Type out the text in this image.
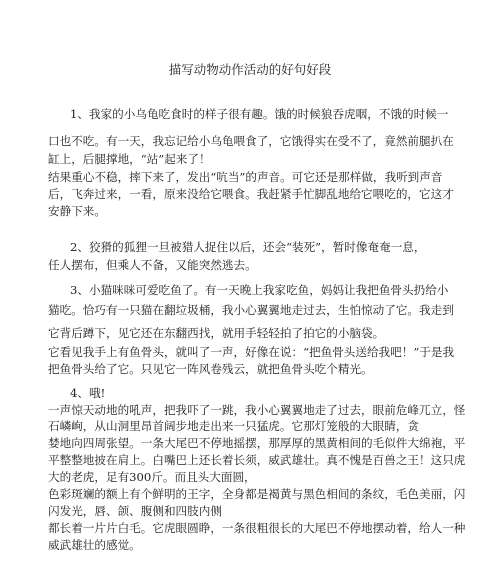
描写动物动作活动的好句好段
1、我家的小乌龟吃食时的样子很有趣。饿的时候狼吞虎咽，不饿的时候一
口也不吃。有一天，我忘记给小乌龟喂食了，它饿得实在受不了，竟然前腿扒在
缸上，后腿撑地，“站”起来了！
结果重心不稳，摔下来了，发出“吭当”的声音。可它还是那样做，我听到声音
后，飞奔过来，一看，原来没给它喂食。我赶紧手忙脚乱地给它喂吃的，它这才
安静下来。
2、狡猾的狐狸一旦被猎人捉住以后，还会“装死”，暂时像奄奄一息，
任人摆布，但乘人不备，又能突然逃去。
3、小猫咪咪可爱吃鱼了。有一天晚上我家吃鱼，妈妈让我把鱼骨头扔给小
猫吃。恰巧有一只猫在翻垃圾桶，我小心翼翼地走过去，生怕惊动了它。我走到
它背后蹲下，见它还在东翻西找，就用手轻轻拍了拍它的小脑袋。
它看见我手上有鱼骨头，就叫了一声，好像在说：“把鱼骨头送给我吧！”于是我
把鱼骨头给了它。只见它一阵风卷残云，就把鱼骨头吃个精光。
4、哦!
一声惊天动地的吼声，把我吓了一跳，我小心翼翼地走了过去，眼前危峰兀立，怪
石嶙峋，从山洞里昂首阔步地走出来一只猛虎。它那灯笼般的大眼睛，贪
婪地向四周张望。一条大尾巴不停地摇摆，那厚厚的黑黄相间的毛似件大绵袍，平
平整整地披在肩上。白嘴巴上还长着长须，威武雄壮。真不愧是百兽之王！这只虎
大的老虎，足有300斤。而且头大面圆，
色彩斑斓的额上有个鲜明的王字，全身都是褐黄与黑色相间的条纹，毛色美丽，闪
闪发光，唇、颌、腹侧和四肢内侧
都长着一片片白毛。它虎眼圆睁，一条很粗很长的大尾巴不停地摆动着，给人一种
威武雄壮的感觉。
